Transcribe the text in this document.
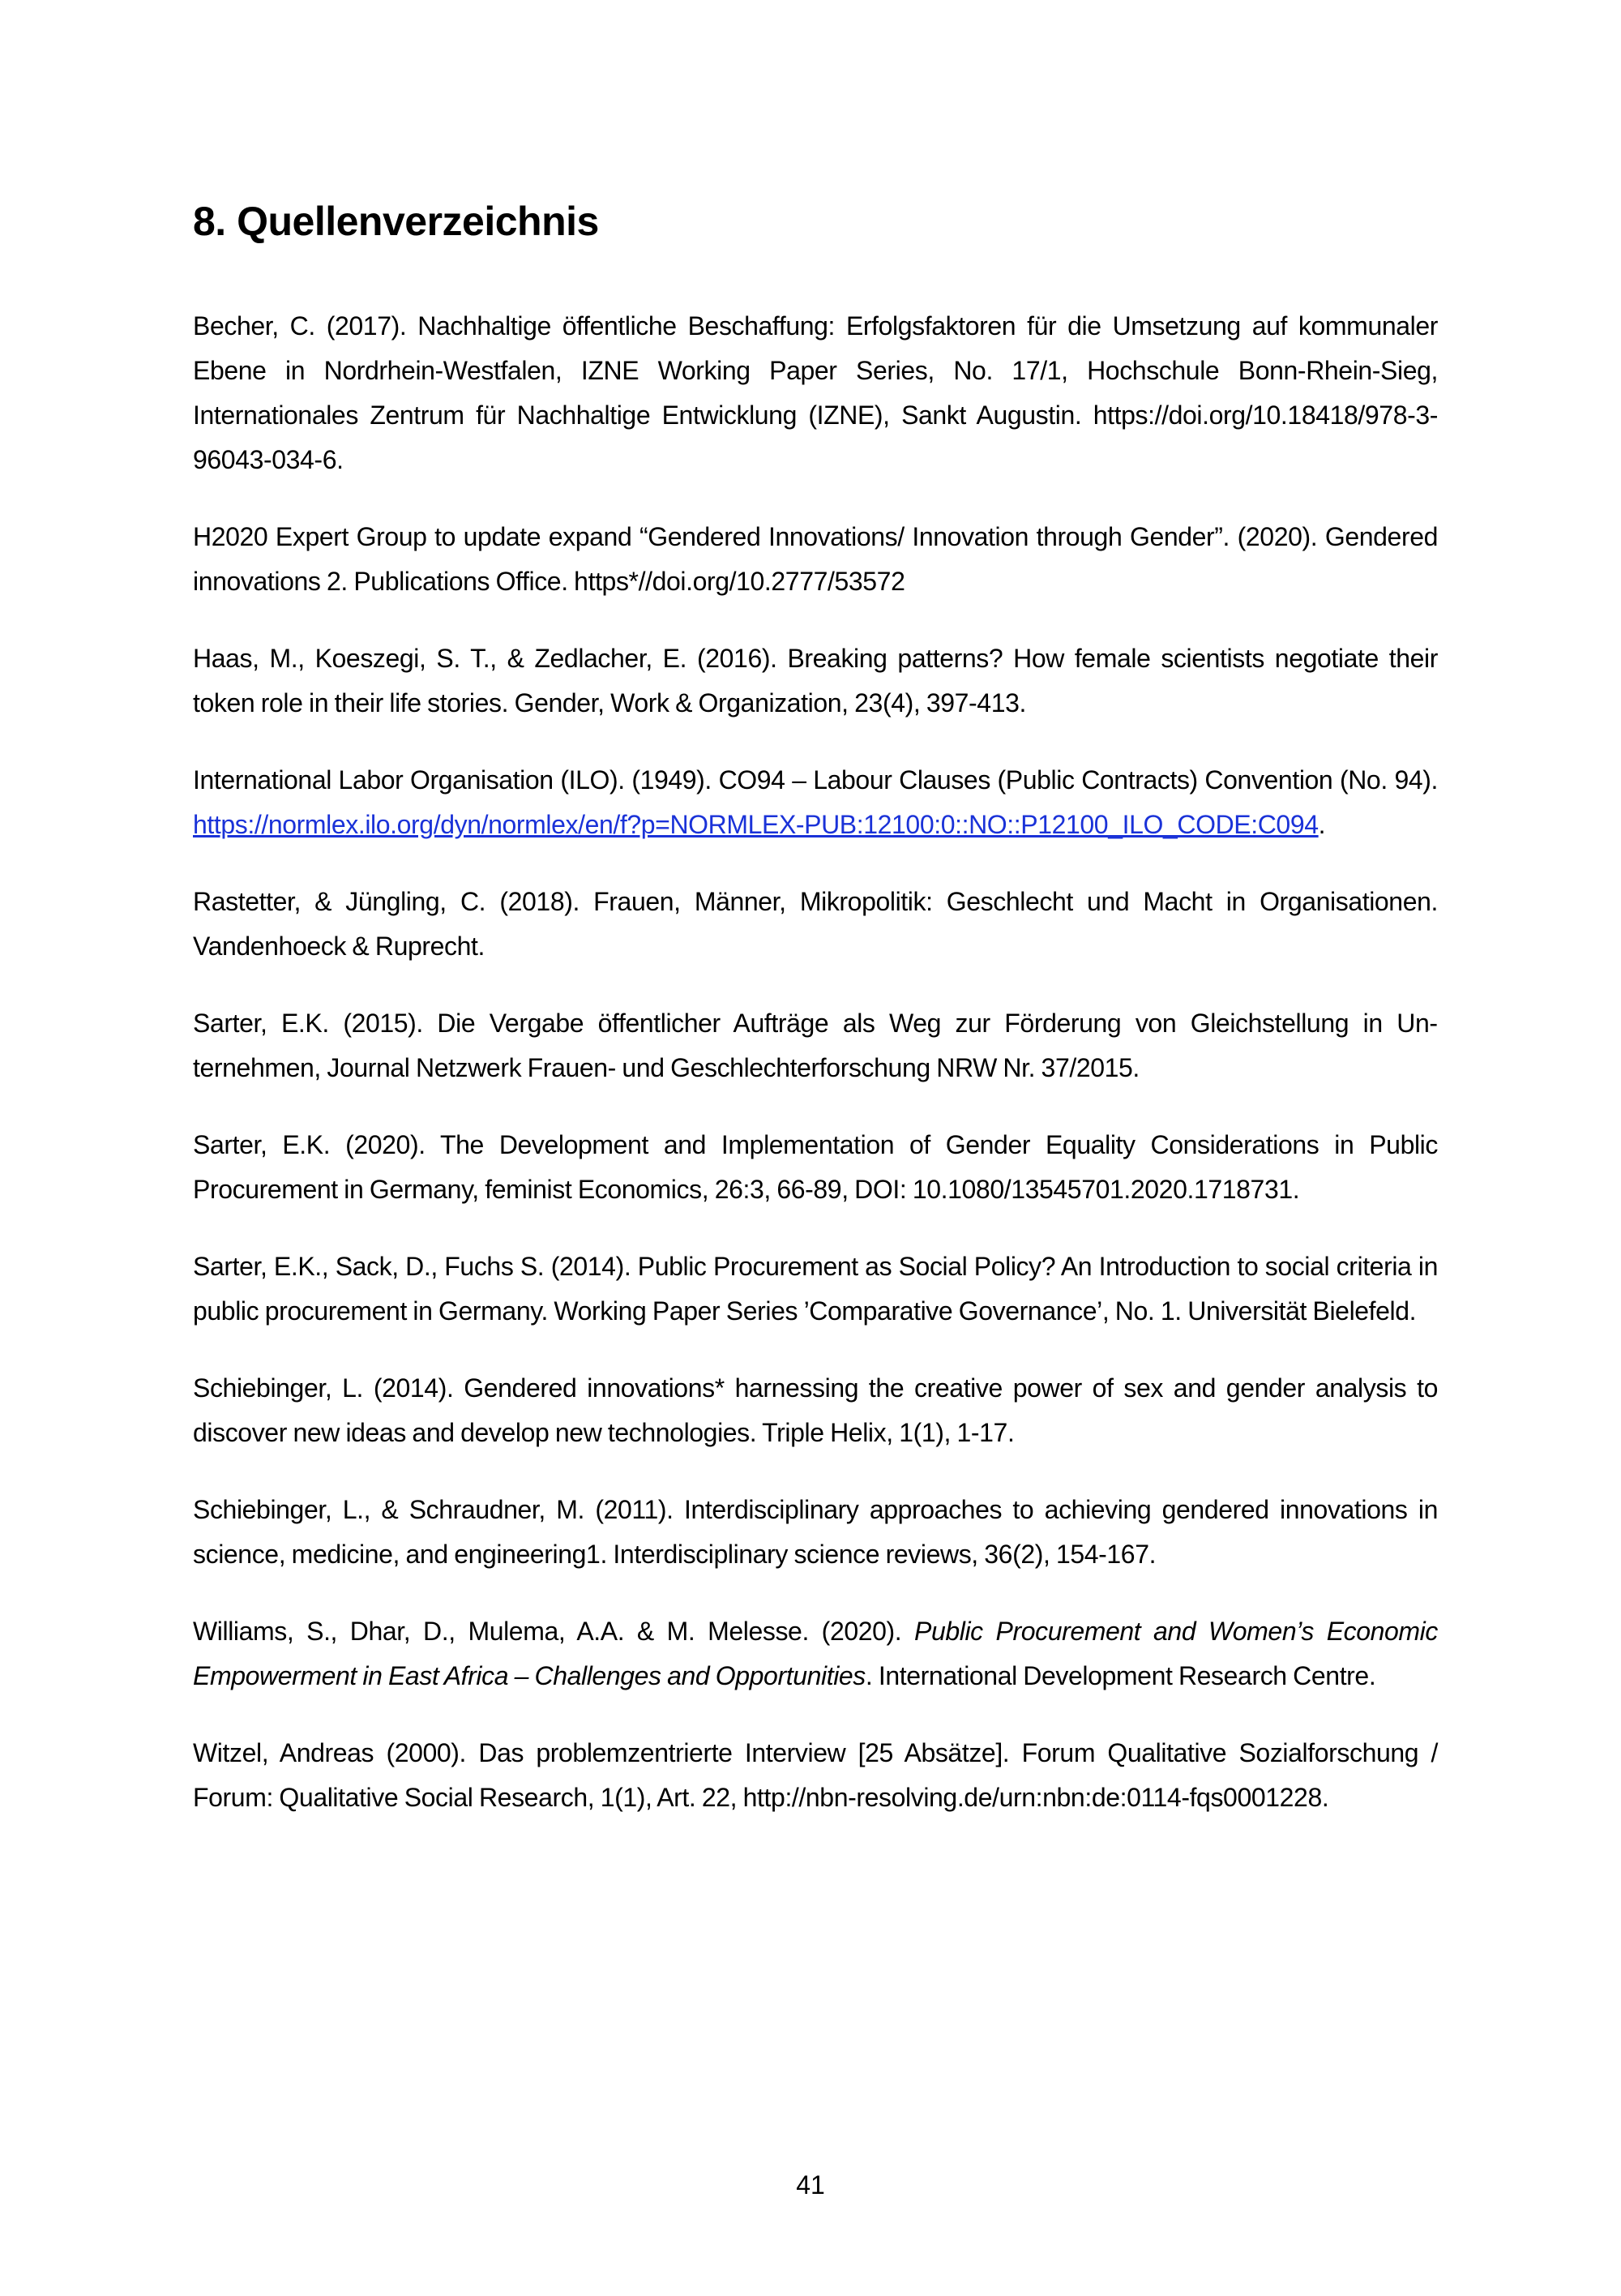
8. Quellenverzeichnis

Becher, C. (2017). Nachhaltige öffentliche Beschaffung: Erfolgsfaktoren für die Umsetzung auf kommunaler Ebene in Nordrhein-Westfalen, IZNE Working Paper Series, No. 17/1, Hochschule Bonn-Rhein-Sieg, Internationales Zentrum für Nachhaltige Entwicklung (IZNE), Sankt Augustin. https://doi.org/10.18418/978-3-96043-034-6.

H2020 Expert Group to update expand “Gendered Innovations/ Innovation through Gender”. (2020). Gendered innovations 2. Publications Office. https*//doi.org/10.2777/53572

Haas, M., Koeszegi, S. T., & Zedlacher, E. (2016). Breaking patterns? How female scientists negotiate their token role in their life stories. Gender, Work & Organization, 23(4), 397-413.

International Labor Organisation (ILO). (1949). CO94 – Labour Clauses (Public Contracts) Convention (No. 94). https://normlex.ilo.org/dyn/normlex/en/f?p=NORMLEX-PUB:12100:0::NO::P12100_ILO_CODE:C094.

Rastetter, & Jüngling, C. (2018). Frauen, Männer, Mikropolitik: Geschlecht und Macht in Organisationen. Vandenhoeck & Ruprecht.

Sarter, E.K. (2015). Die Vergabe öffentlicher Aufträge als Weg zur Förderung von Gleichstellung in Unternehmen, Journal Netzwerk Frauen- und Geschlechterforschung NRW Nr. 37/2015.

Sarter, E.K. (2020). The Development and Implementation of Gender Equality Considerations in Public Procurement in Germany, feminist Economics, 26:3, 66-89, DOI: 10.1080/13545701.2020.1718731.

Sarter, E.K., Sack, D., Fuchs S. (2014). Public Procurement as Social Policy? An Introduction to social criteria in public procurement in Germany. Working Paper Series ’Comparative Governance’, No. 1. Universität Bielefeld.

Schiebinger, L. (2014). Gendered innovations* harnessing the creative power of sex and gender analysis to discover new ideas and develop new technologies. Triple Helix, 1(1), 1-17.

Schiebinger, L., & Schraudner, M. (2011). Interdisciplinary approaches to achieving gendered innovations in science, medicine, and engineering1. Interdisciplinary science reviews, 36(2), 154-167.

Williams, S., Dhar, D., Mulema, A.A. & M. Melesse. (2020). Public Procurement and Women’s Economic Empowerment in East Africa – Challenges and Opportunities. International Development Research Centre.

Witzel, Andreas (2000). Das problemzentrierte Interview [25 Absätze]. Forum Qualitative Sozialforschung / Forum: Qualitative Social Research, 1(1), Art. 22, http://nbn-resolving.de/urn:nbn:de:0114-fqs0001228.

41
